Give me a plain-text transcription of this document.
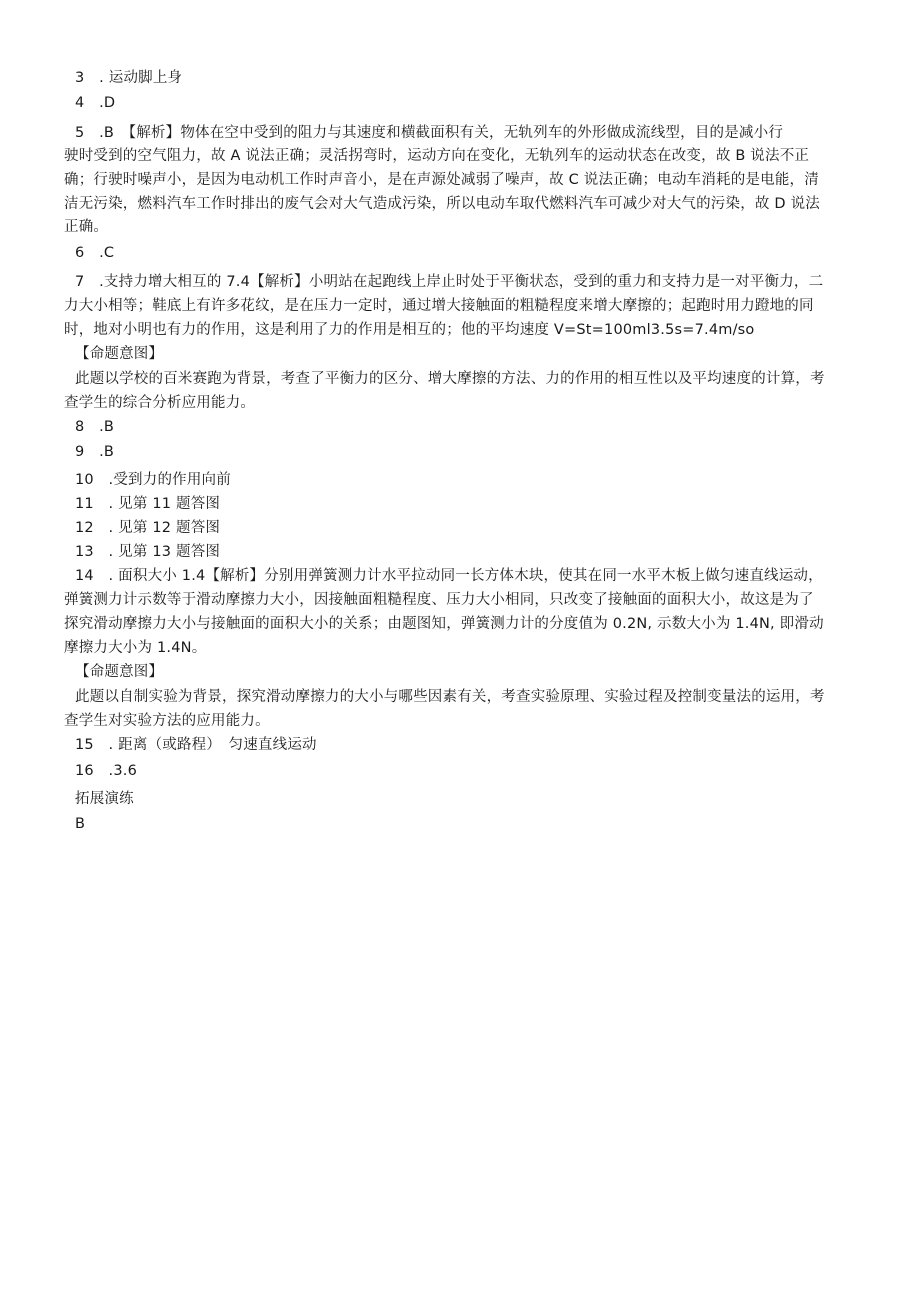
3　. 运动脚上身
4　.D
5　.B　【解析】物体在空中受到的阻力与其速度和横截面积有关，无轨列车的外形做成流线型，目的是减小行
驶时受到的空气阻力，故 A 说法正确；灵活拐弯时，运动方向在变化，无轨列车的运动状态在改变，故 B 说法不正
确；行驶时噪声小，是因为电动机工作时声音小，是在声源处减弱了噪声，故 C 说法正确；电动车消耗的是电能，清
洁无污染，燃料汽车工作时排出的废气会对大气造成污染，所以电动车取代燃料汽车可减少对大气的污染，故 D 说法
正确。
6　.C
7　.支持力增大相互的 7.4【解析】小明站在起跑线上岸止时处于平衡状态，受到的重力和支持力是一对平衡力，二
力大小相等；鞋底上有许多花纹，是在压力一定时，通过增大接触面的粗糙程度来增大摩擦的；起跑时用力蹬地的同
时，地对小明也有力的作用，这是利用了力的作用是相互的；他的平均速度 V=St=100ml3.5s=7.4m/so
【命题意图】
此题以学校的百米赛跑为背景，考查了平衡力的区分、增大摩擦的方法、力的作用的相互性以及平均速度的计算，考
查学生的综合分析应用能力。
8　.B
9　.B
10　.受到力的作用向前
11　. 见第 11 题答图
12　. 见第 12 题答图
13　. 见第 13 题答图
14　. 面积大小 1.4【解析】分别用弹簧测力计水平拉动同一长方体木块，使其在同一水平木板上做匀速直线运动，
弹簧测力计示数等于滑动摩擦力大小，因接触面粗糙程度、压力大小相同，只改变了接触面的面积大小，故这是为了
探究滑动摩擦力大小与接触面的面积大小的关系；由题图知，弹簧测力计的分度值为 0.2N, 示数大小为 1.4N, 即滑动
摩擦力大小为 1.4N。
【命题意图】
此题以自制实验为背景，探究滑动摩擦力的大小与哪些因素有关，考查实验原理、实验过程及控制变量法的运用，考
查学生对实验方法的应用能力。
15　. 距离（或路程）　匀速直线运动
16　.3.6
拓展演练
B
